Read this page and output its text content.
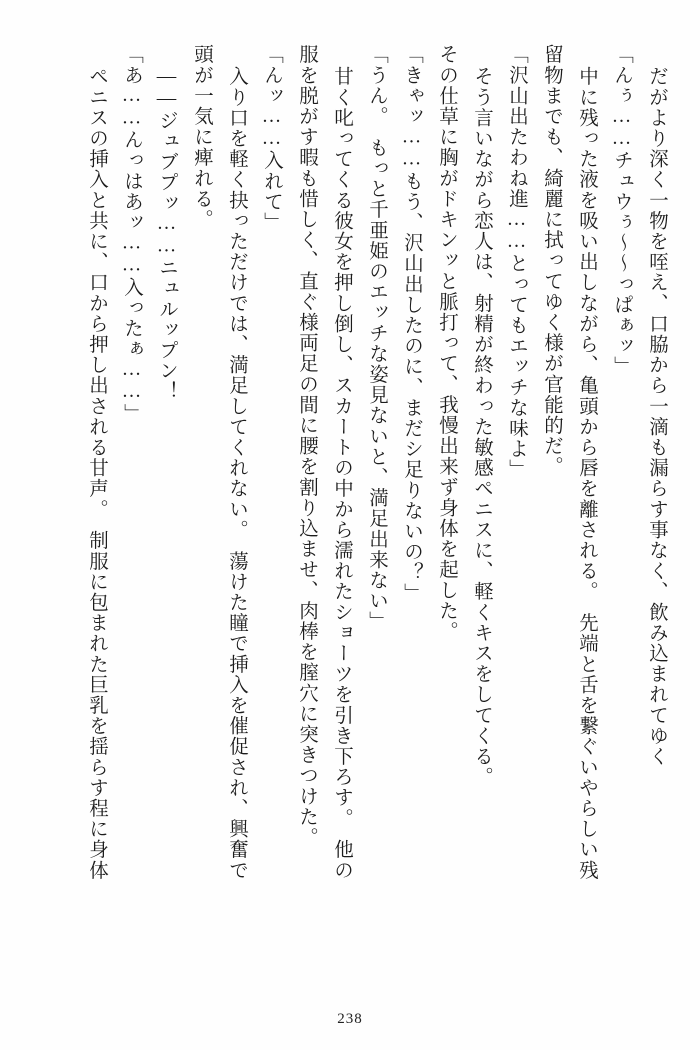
だがより深く一物を咥え、口脇から一滴も漏らす事なく、飲み込まれてゆく
「んぅ……チュウぅ～～っぱぁッ」
中に残った液を吸い出しながら、亀頭から唇を離される。　先端と舌を繋ぐいやらしい残
留物までも、綺麗に拭ってゆく様が官能的だ。
「沢山出たわね進……とってもエッチな味よ」
そう言いながら恋人は、射精が終わった敏感ペニスに、軽くキスをしてくる。
その仕草に胸がドキンッと脈打って、我慢出来ず身体を起した。
「きゃッ……もう、沢山出したのに、まだシ足りないの？」
「うん。　もっと千亜姫のエッチな姿見ないと、満足出来ない」
甘く叱ってくる彼女を押し倒し、スカートの中から濡れたショーツを引き下ろす。　他の
服を脱がす暇も惜しく、直ぐ様両足の間に腰を割り込ませ、肉棒を膣穴に突きつけた。
「んッ……入れて」
入り口を軽く抉っただけでは、満足してくれない。　蕩けた瞳で挿入を催促され、興奮で
頭が一気に痺れる。
――ジュブプッ……ニュルップン！
「あ……んっはあッ……入ったぁ……」
ペニスの挿入と共に、口から押し出される甘声。　制服に包まれた巨乳を揺らす程に身体
238
